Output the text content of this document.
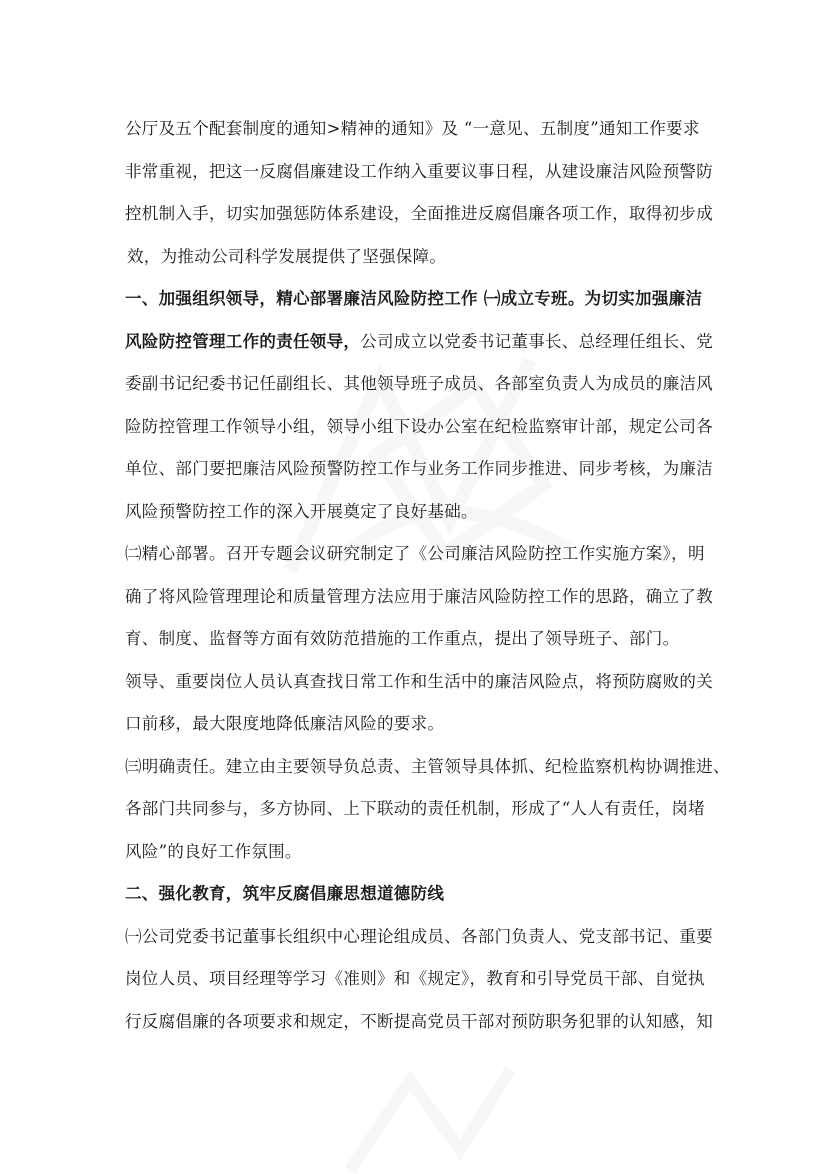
公厅及五个配套制度的通知>精神的通知》及 “一意见、五制度”通知工作要求
非常重视，把这一反腐倡廉建设工作纳入重要议事日程，从建设廉洁风险预警防
控机制入手，切实加强惩防体系建设，全面推进反腐倡廉各项工作，取得初步成
效，为推动公司科学发展提供了坚强保障。
一、加强组织领导，精心部署廉洁风险防控工作 ㈠成立专班。为切实加强廉洁
风险防控管理工作的责任领导，公司成立以党委书记董事长、总经理任组长、党
委副书记纪委书记任副组长、其他领导班子成员、各部室负责人为成员的廉洁风
险防控管理工作领导小组，领导小组下设办公室在纪检监察审计部，规定公司各
单位、部门要把廉洁风险预警防控工作与业务工作同步推进、同步考核，为廉洁
风险预警防控工作的深入开展奠定了良好基础。
㈡精心部署。召开专题会议研究制定了《公司廉洁风险防控工作实施方案》，明
确了将风险管理理论和质量管理方法应用于廉洁风险防控工作的思路，确立了教
育、制度、监督等方面有效防范措施的工作重点，提出了领导班子、部门。
领导、重要岗位人员认真查找日常工作和生活中的廉洁风险点，将预防腐败的关
口前移，最大限度地降低廉洁风险的要求。
㈢明确责任。建立由主要领导负总责、主管领导具体抓、纪检监察机构协调推进、
各部门共同参与，多方协同、上下联动的责任机制，形成了“人人有责任，岗堵
风险”的良好工作氛围。
二、强化教育，筑牢反腐倡廉思想道德防线
㈠公司党委书记董事长组织中心理论组成员、各部门负责人、党支部书记、重要
岗位人员、项目经理等学习《准则》和《规定》，教育和引导党员干部、自觉执
行反腐倡廉的各项要求和规定，不断提高党员干部对预防职务犯罪的认知感，知
